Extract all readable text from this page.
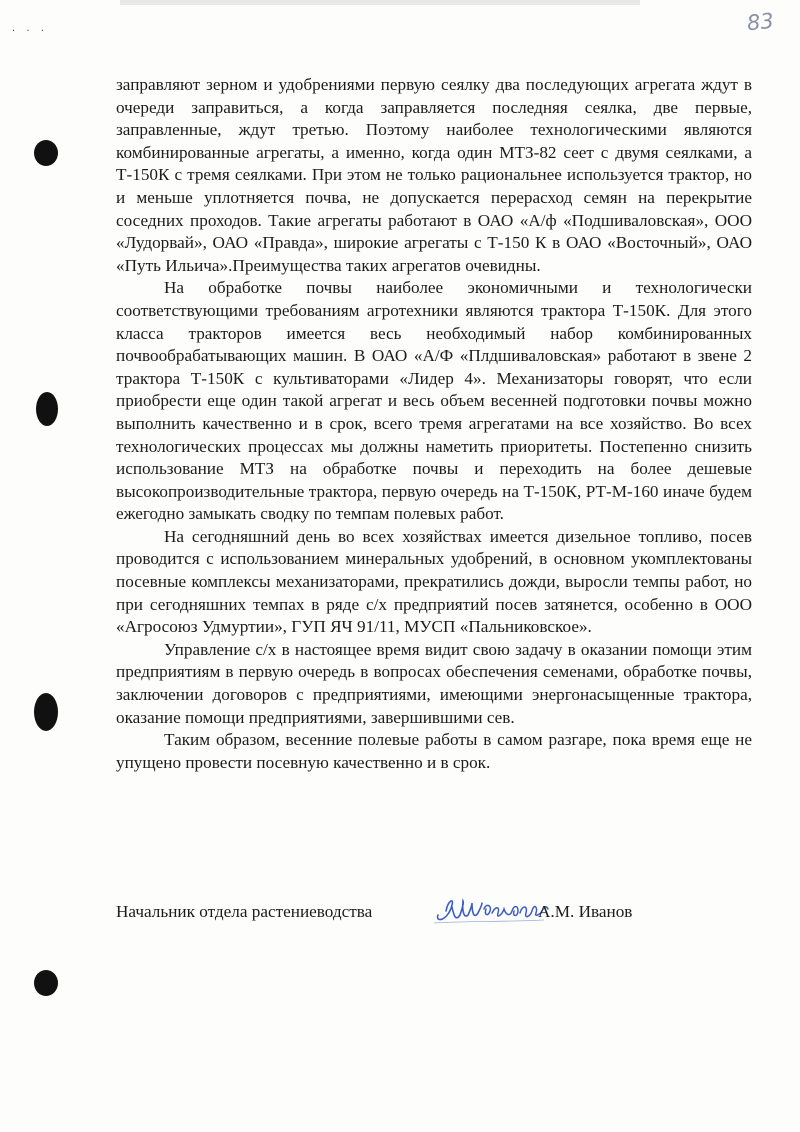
· · ·	83

заправляют зерном и удобрениями первую сеялку два последующих агрегата ждут в очереди заправиться, а когда заправляется последняя сеялка, две первые, заправленные, ждут третью. Поэтому наиболее технологическими являются комбинированные агрегаты, а именно, когда один МТЗ-82 сеет с двумя сеялками, а Т-150К с тремя сеялками. При этом не только рациональнее используется трактор, но и меньше уплотняется почва, не допускается перерасход семян на перекрытие соседних проходов. Такие агрегаты работают в ОАО «А/ф «Подшиваловская», ООО «Лудорвай», ОАО «Правда», широкие агрегаты с Т-150 К в ОАО «Восточный», ОАО «Путь Ильича».Преимущества таких агрегатов очевидны.

На обработке почвы наиболее экономичными и технологически соответствующими требованиям агротехники являются трактора Т-150К. Для этого класса тракторов имеется весь необходимый набор комбинированных почвообрабатывающих машин. В ОАО «А/Ф «Плдшиваловская» работают в звене 2 трактора Т-150К с культиваторами «Лидер 4». Механизаторы говорят, что если приобрести еще один такой агрегат и весь объем весенней подготовки почвы можно выполнить качественно и в срок, всего тремя агрегатами на все хозяйство. Во всех технологических процессах мы должны наметить приоритеты. Постепенно снизить использование МТЗ на обработке почвы и переходить на более дешевые высокопроизводительные трактора, первую очередь на Т-150К, РТ-М-160 иначе будем ежегодно замыкать сводку по темпам полевых работ.

На сегодняшний день во всех хозяйствах имеется дизельное топливо, посев проводится с использованием минеральных удобрений, в основном укомплектованы посевные комплексы механизаторами, прекратились дожди, выросли темпы работ, но при сегодняшних темпах в ряде с/х предприятий посев затянется, особенно в ООО «Агросоюз Удмуртии», ГУП ЯЧ 91/11, МУСП «Пальниковское».

Управление с/х в настоящее время видит свою задачу в оказании помощи этим предприятиям в первую очередь в вопросах обеспечения семенами, обработке почвы, заключении договоров с предприятиями, имеющими энергонасыщенные трактора, оказание помощи предприятиями, завершившими сев.

Таким образом, весенние полевые работы в самом разгаре, пока время еще не упущено провести посевную качественно и в срок.

Начальник отдела растениеводства	А.М. Иванов
